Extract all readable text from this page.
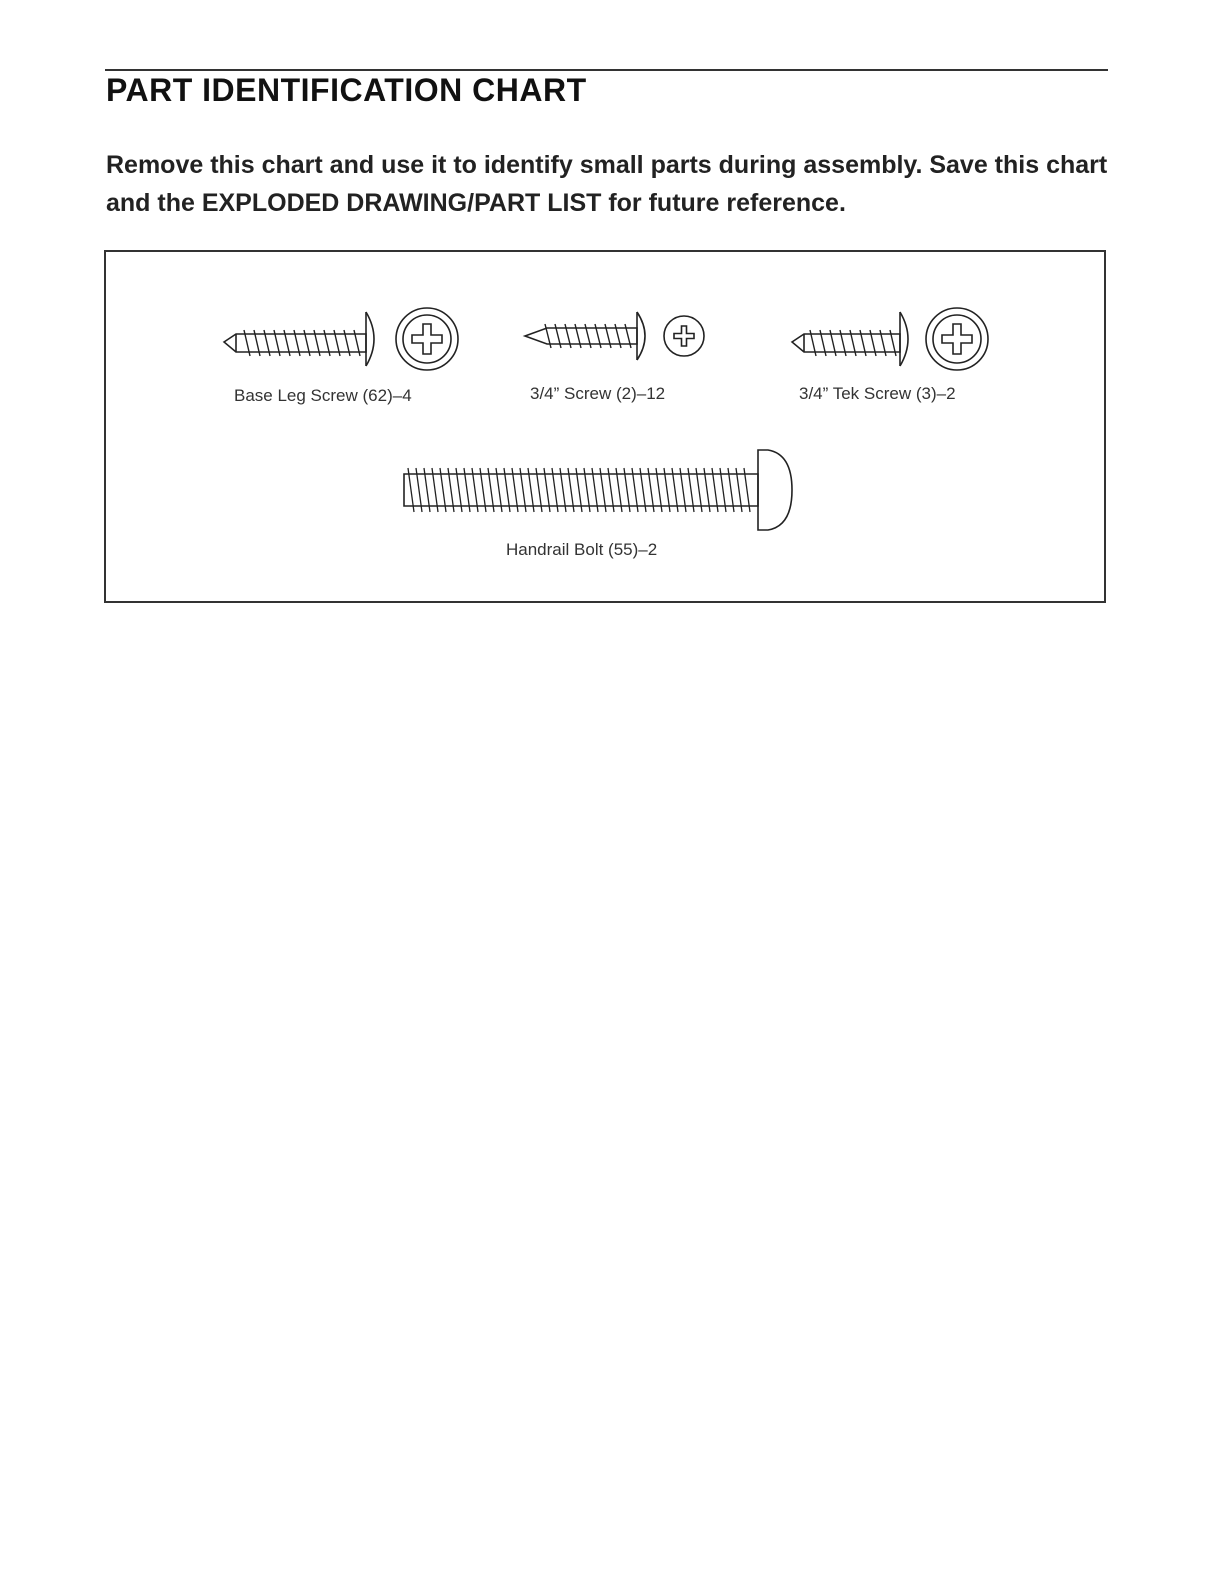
PART IDENTIFICATION CHART

Remove this chart and use it to identify small parts during assembly. Save this chart and the EXPLODED DRAWING/PART LIST for future reference.

Base Leg Screw (62)–4	3/4” Screw (2)–12	3/4” Tek Screw (3)–2
Handrail Bolt (55)–2
